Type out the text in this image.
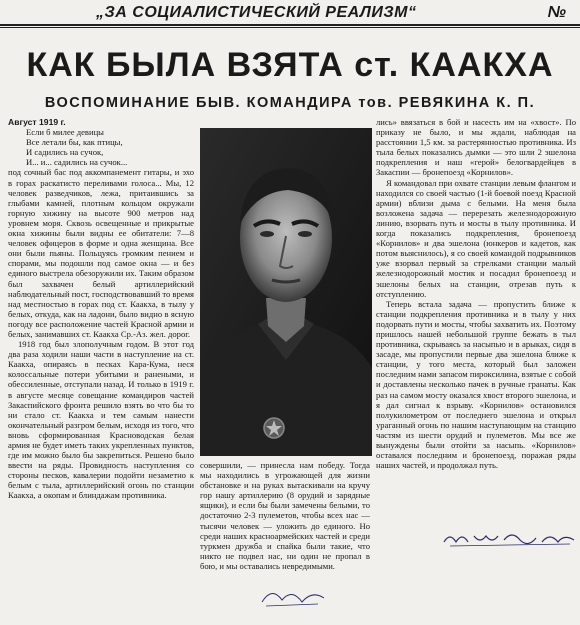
„ЗА СОЦИАЛИСТИЧЕСКИЙ РЕАЛИЗМ“	№
КАК БЫЛА ВЗЯТА ст. КААКХА
ВОСПОМИНАНИЕ БЫВ. КОМАНДИРА тов. РЕВЯКИНА К. П.

Август 1919 г.

Если б милее девицы

Все летали бы, как птицы,

И садились на сучок,

И... и... садились на сучок...

под сочный бас под аккомпанемент гитары, и эхо в горах раскатисто переливами голоса... Мы, 12 человек разведчиков, лежа, притаившись за глыбами камней, плотным кольцом окружали горную хижину на высоте 900 метров над уровнем моря. Сквозь освещенные и прикрытые окна хижины были видны ее обитатели: 7—8 человек офицеров в форме и одна женщина. Все они были пьяны. Польцуясь громким пением и спорами, мы подошли под самое окна — и без единого выстрела обезоружили их. Таким образом был захвачен белый артиллерийский наблюдательный пост, господствовавший то время над местностью в горах под ст. Каакха, в тылу у белых, откуда, как на ладони, было видно в ясную погоду все расположение частей Красной армии и белых, занимавших ст. Каакха Ср.-Аз. жел. дорог.

1918 год был злополучным годом. В этот год два раза ходили наши части в наступление на ст. Каакха, опираясь в песках Кара-Кума, неся колоссальные потери убитыми и ранеными, и обессиленные, отступали назад. И только в 1919 г. в августе месяце совещание командиров частей Закаспийского фронта решило взять во что бы то ни стало ст. Каакха и тем самым нанести окончательный разгром белым, исходя из того, что вновь сформированная Красноводская белая армия не будет иметь таких укрепленных пунктов, где им можно было бы закрепиться. Решено было ввести на ряды. Провидность наступления со стороны песков, кавалерии подойти незаметно к белым с тыла, артиллерийский огонь по станции Каакха, а окопам и блиндажам противника.

совершили, — принесла нам победу. Тогда мы находились в угрожающей для жизни обстановке и на руках вытаскивали на кручу гор нашу артиллерию (8 орудий и зарядные ящики), и если бы были замечены белыми, то достаточно 2-3 пулеметов, чтобы всех нас — тысячи человек — уложить до единого. Но среди наших красноармейских частей и среди туркмен дружба и спайка были такие, что никто не подвел нас, ни один не пропал в бою, и мы оставались невредимыми.

лись» ввязаться в бой и насесть им на «хвост». По приказу не было, и мы ждали, наблюдая на расстоянии 1,5 км. за растерянностью противника. Из тыла белых показались дымки — это шли 2 эшелона подкрепления и наш «герой» белогвардейцев в Закаспии — бронепоезд «Корнилов».

Я командовал при охвате станции левым флангом и находился со своей частью (1-й боевой поезд Красной армии) вблизи дыма с белыми. На меня была возложена задача — перерезать железнодорожную линию, взорвать путь и мосты в тылу противника. И когда показались подкрепления, бронепоезд «Корнилов» и два эшелона (юнкеров и кадетов, как потом выяснилось), я со своей командой подрывников уже взорвал первый за стрелками станции малый железнодорожный мостик и посадил бронепоезд и эшелоны белых на станции, отрезав путь к отступлению.

Теперь встала задача — пропустить ближе к станции подкрепления противника и в тылу у них подорвать пути и мосты, чтобы захватить их. Поэтому пришлось нашей небольшой группе бежать в тыл противника, скрываясь за насыпью и в арыках, сидя в засаде, мы пропустили первые два эшелона ближе к станции, у того места, который был заложен последним нами запасом пироксилина, взятые с собой и доставлены несколько пачек в ручные гранаты. Как раз на самом мосту оказался хвост второго эшелона, и я дал сигнал к взрыву. «Корнилов» остановился полукилометром от последнего эшелона и открыл ураганный огонь по нашим наступающим на станцию частям из шести орудий и пулеметов. Мы все же вынуждены были отойти за насыпь. «Корнилов» оставался последним и бронепоезд, поражая ряды наших частей, и продолжал путь.
